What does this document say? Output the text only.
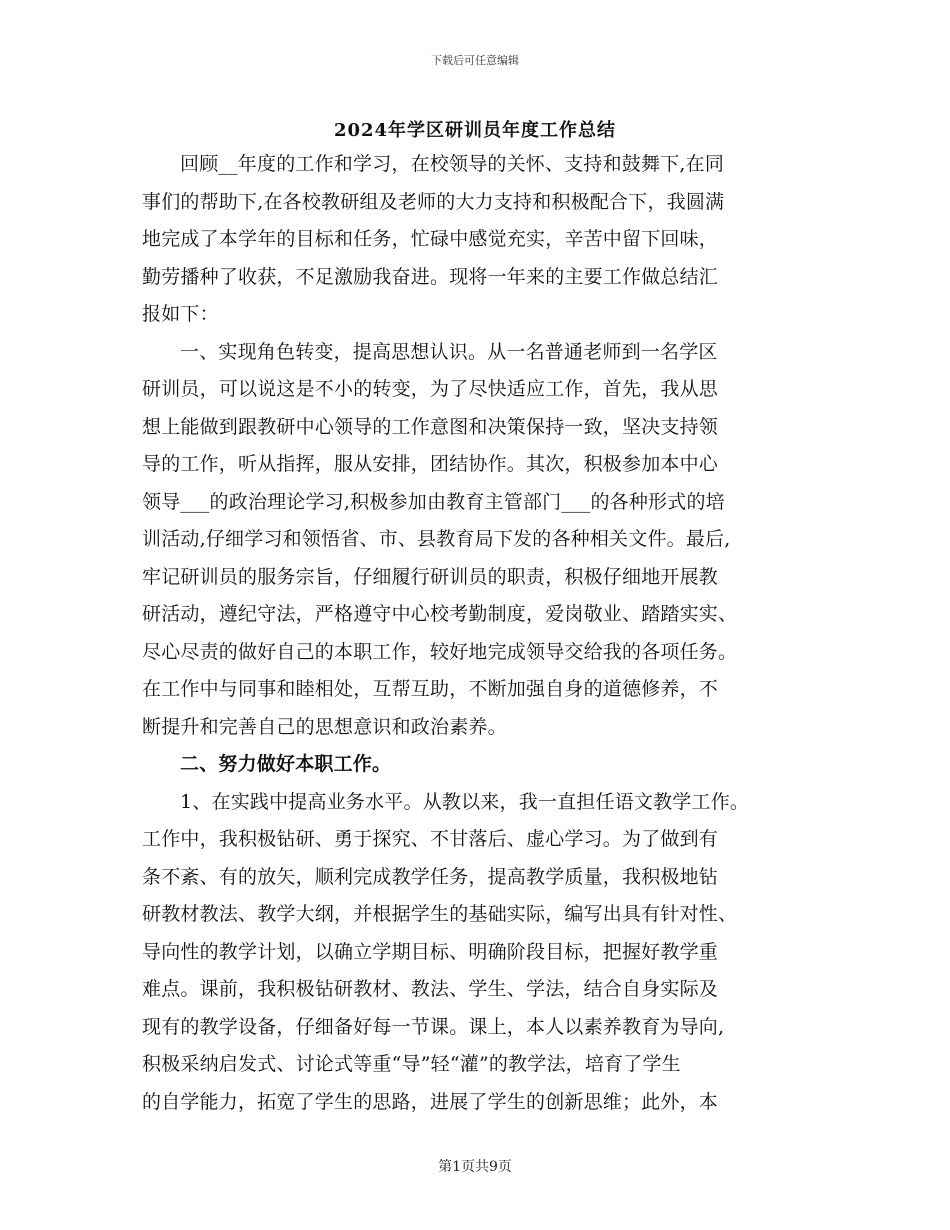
下载后可任意编辑
2024年学区研训员年度工作总结
回顾__年度的工作和学习，在校领导的关怀、支持和鼓舞下,在同
事们的帮助下,在各校教研组及老师的大力支持和积极配合下，我圆满
地完成了本学年的目标和任务，忙碌中感觉充实，辛苦中留下回味，
勤劳播种了收获，不足激励我奋进。现将一年来的主要工作做总结汇
报如下：
一、实现角色转变，提高思想认识。从一名普通老师到一名学区
研训员，可以说这是不小的转变，为了尽快适应工作，首先，我从思
想上能做到跟教研中心领导的工作意图和决策保持一致，坚决支持领
导的工作，听从指挥，服从安排，团结协作。其次，积极参加本中心
领导___的政治理论学习,积极参加由教育主管部门___的各种形式的培
训活动,仔细学习和领悟省、市、县教育局下发的各种相关文件。最后,
牢记研训员的服务宗旨，仔细履行研训员的职责，积极仔细地开展教
研活动，遵纪守法，严格遵守中心校考勤制度，爱岗敬业、踏踏实实、
尽心尽责的做好自己的本职工作，较好地完成领导交给我的各项任务。
在工作中与同事和睦相处，互帮互助，不断加强自身的道德修养，不
断提升和完善自己的思想意识和政治素养。
二、努力做好本职工作。
1、在实践中提高业务水平。从教以来，我一直担任语文教学工作。
工作中，我积极钻研、勇于探究、不甘落后、虚心学习。为了做到有
条不紊、有的放矢，顺利完成教学任务，提高教学质量，我积极地钻
研教材教法、教学大纲，并根据学生的基础实际，编写出具有针对性、
导向性的教学计划，以确立学期目标、明确阶段目标，把握好教学重
难点。课前，我积极钻研教材、教法、学生、学法，结合自身实际及
现有的教学设备，仔细备好每一节课。课上，本人以素养教育为导向,
积极采纳启发式、讨论式等重“导”轻“灌”的教学法，培育了学生
的自学能力，拓宽了学生的思路，进展了学生的创新思维；此外，本
第1页共9页
